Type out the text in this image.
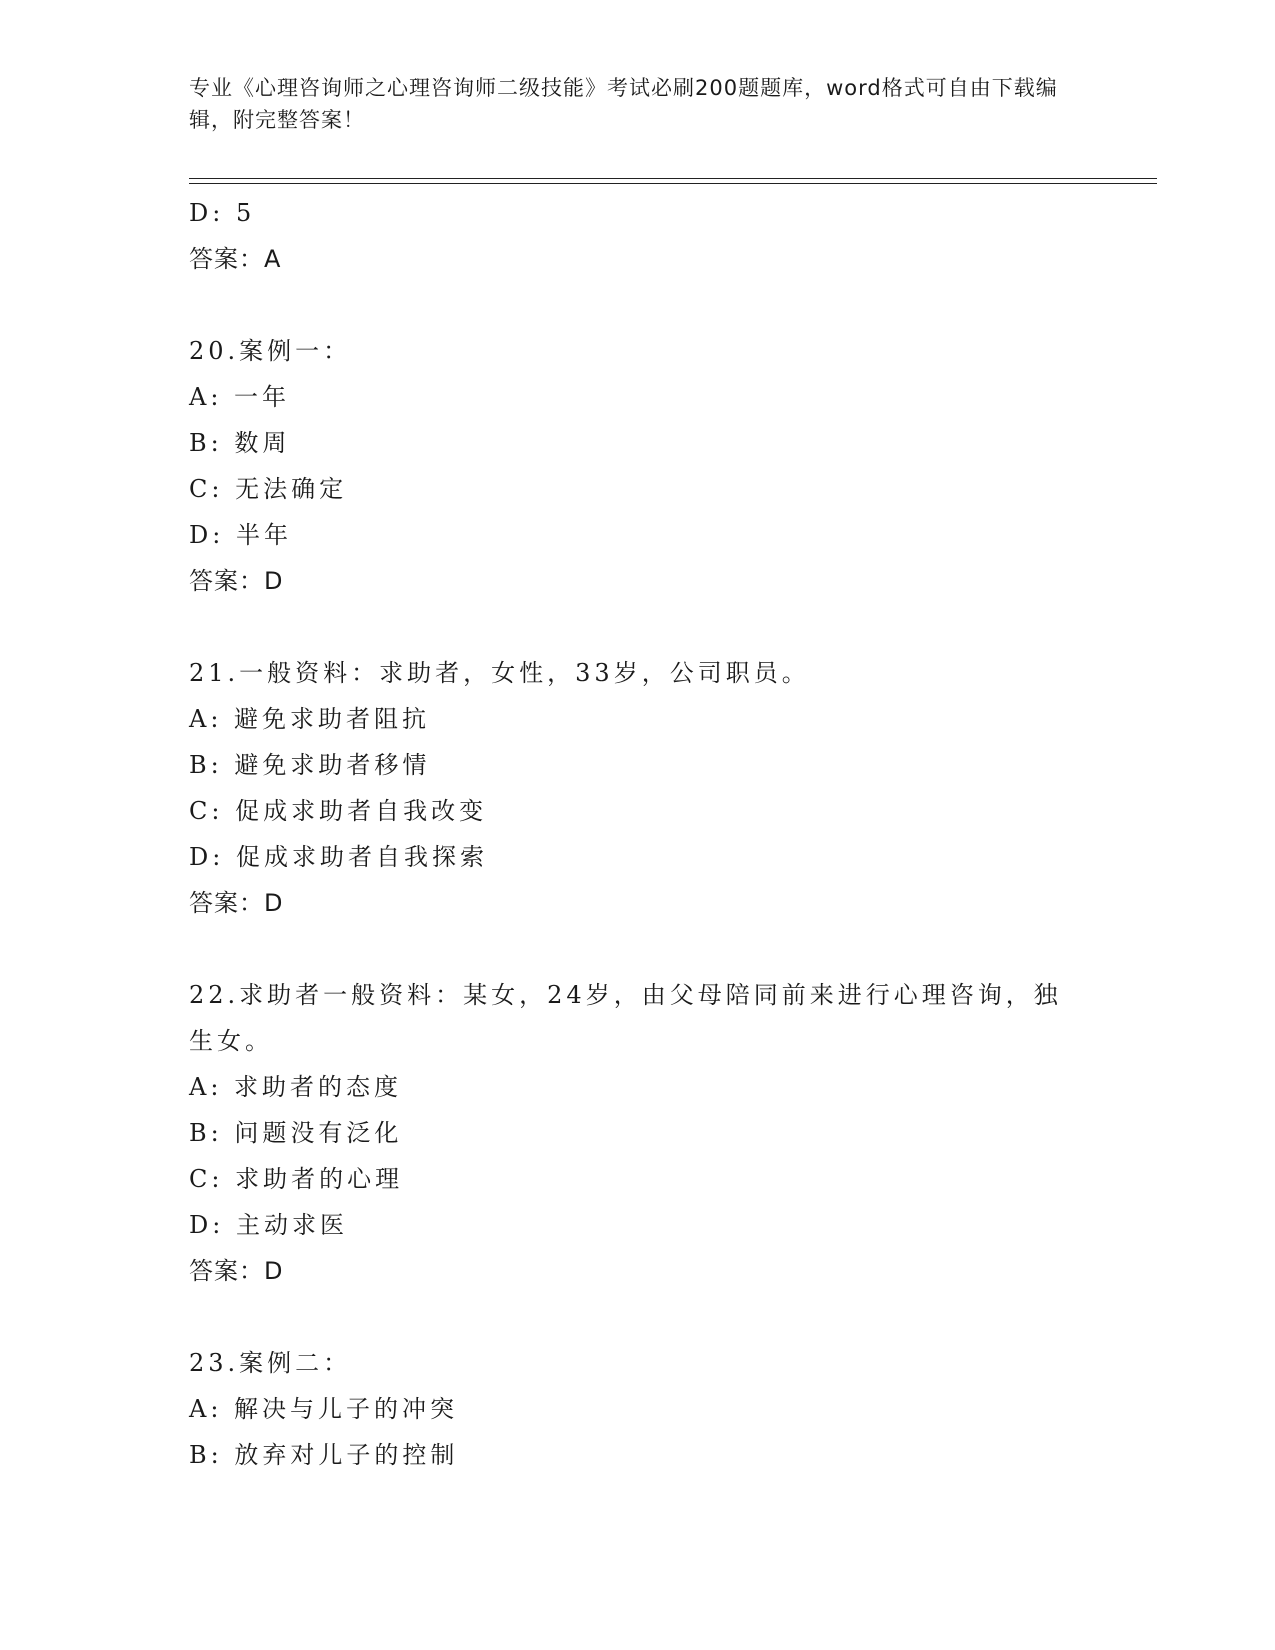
专业《心理咨询师之心理咨询师二级技能》考试必刷200题题库，word格式可自由下载编辑，附完整答案！
D: 5
答案：A
20.案例一：
A: 一年
B: 数周
C: 无法确定
D: 半年
答案：D
21.一般资料：求助者，女性，33岁，公司职员。
A: 避免求助者阻抗
B: 避免求助者移情
C: 促成求助者自我改变
D: 促成求助者自我探索
答案：D
22.求助者一般资料：某女，24岁，由父母陪同前来进行心理咨询，独生女。
A: 求助者的态度
B: 问题没有泛化
C: 求助者的心理
D: 主动求医
答案：D
23.案例二：
A: 解决与儿子的冲突
B: 放弃对儿子的控制
